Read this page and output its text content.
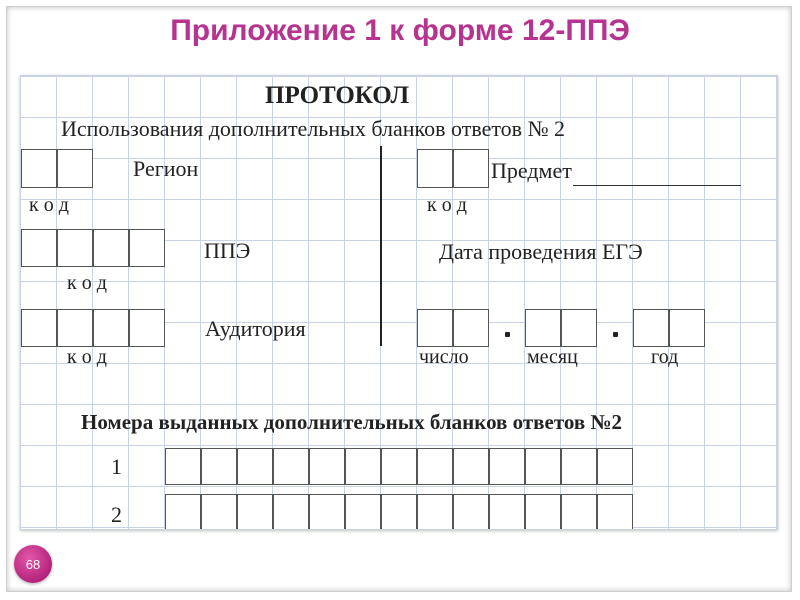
Приложение 1 к форме 12-ППЭ

ПРОТОКОЛ

Использования дополнительных бланков ответов № 2

Регион

к о д

Предмет

к о д

ППЭ

к о д

Дата проведения ЕГЭ

Аудитория

к о д	число	месяц	год

Номера выданных дополнительных бланков ответов №2

1

2

68
